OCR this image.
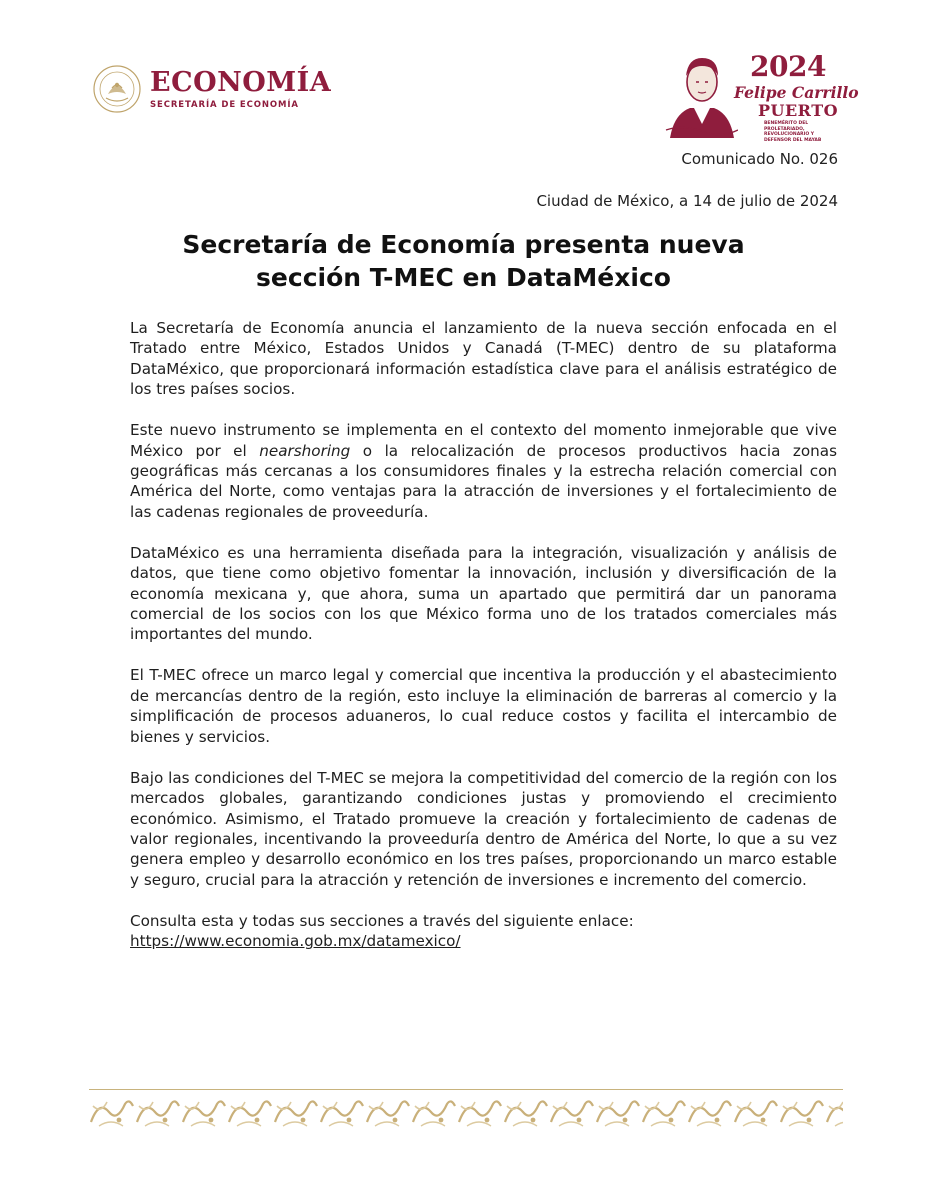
ECONOMÍA
SECRETARÍA DE ECONOMÍA
2024
Felipe Carrillo
PUERTO
BENEMÉRITO DEL PROLETARIADO, REVOLUCIONARIO Y DEFENSOR DEL MAYAB
Comunicado No. 026
Ciudad de México, a 14 de julio de 2024
Secretaría de Economía presenta nueva
sección T-MEC en DataMéxico

La Secretaría de Economía anuncia el lanzamiento de la nueva sección enfocada en el Tratado entre México, Estados Unidos y Canadá (T-MEC) dentro de su plataforma DataMéxico, que proporcionará información estadística clave para el análisis estratégico de los tres países socios.

Este nuevo instrumento se implementa en el contexto del momento inmejorable que vive México por el nearshoring o la relocalización de procesos productivos hacia zonas geográficas más cercanas a los consumidores finales y la estrecha relación comercial con América del Norte, como ventajas para la atracción de inversiones y el fortalecimiento de las cadenas regionales de proveeduría.

DataMéxico es una herramienta diseñada para la integración, visualización y análisis de datos, que tiene como objetivo fomentar la innovación, inclusión y diversificación de la economía mexicana y, que ahora, suma un apartado que permitirá dar un panorama comercial de los socios con los que México forma uno de los tratados comerciales más importantes del mundo.

El T-MEC ofrece un marco legal y comercial que incentiva la producción y el abastecimiento de mercancías dentro de la región, esto incluye la eliminación de barreras al comercio y la simplificación de procesos aduaneros, lo cual reduce costos y facilita el intercambio de bienes y servicios.

Bajo las condiciones del T-MEC se mejora la competitividad del comercio de la región con los mercados globales, garantizando condiciones justas y promoviendo el crecimiento económico. Asimismo, el Tratado promueve la creación y fortalecimiento de cadenas de valor regionales, incentivando la proveeduría dentro de América del Norte, lo que a su vez genera empleo y desarrollo económico en los tres países, proporcionando un marco estable y seguro, crucial para la atracción y retención de inversiones e incremento del comercio.

Consulta esta y todas sus secciones a través del siguiente enlace:
https://www.economia.gob.mx/datamexico/
